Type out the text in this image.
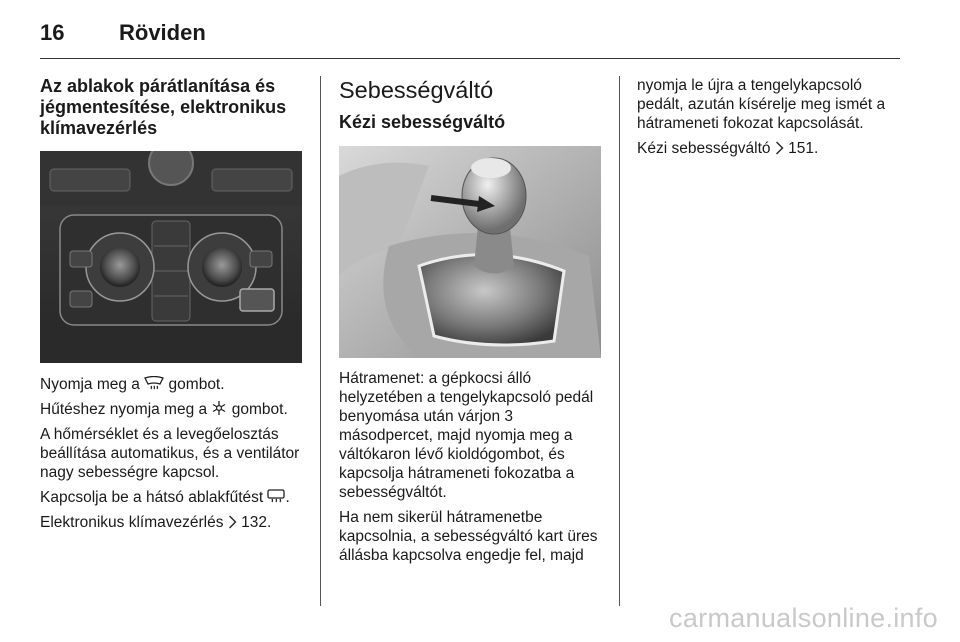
16 Röviden
Az ablakok párátlanítása és jégmentesítése, elektronikus klímavezérlés

Nyomja meg a  gombot.

Hűtéshez nyomja meg a  gombot.

A hőmérséklet és a levegőelosztás beállítása automatikus, és a ventilátor nagy sebességre kapcsol.

Kapcsolja be a hátsó ablakfűtést .

Elektronikus klímavezérlés  132.

Sebességváltó
Kézi sebességváltó

Hátramenet: a gépkocsi álló helyzetében a tengelykapcsoló pedál benyomása után várjon 3 másodpercet, majd nyomja meg a váltókaron lévő kioldógombot, és kapcsolja hátrameneti fokozatba a sebességváltót.

Ha nem sikerül hátramenetbe kapcsolnia, a sebességváltó kart üres állásba kapcsolva engedje fel, majd

nyomja le újra a tengelykapcsoló pedált, azután kísérelje meg ismét a hátrameneti fokozat kapcsolását.

Kézi sebességváltó  151.

carmanualsonline.info
